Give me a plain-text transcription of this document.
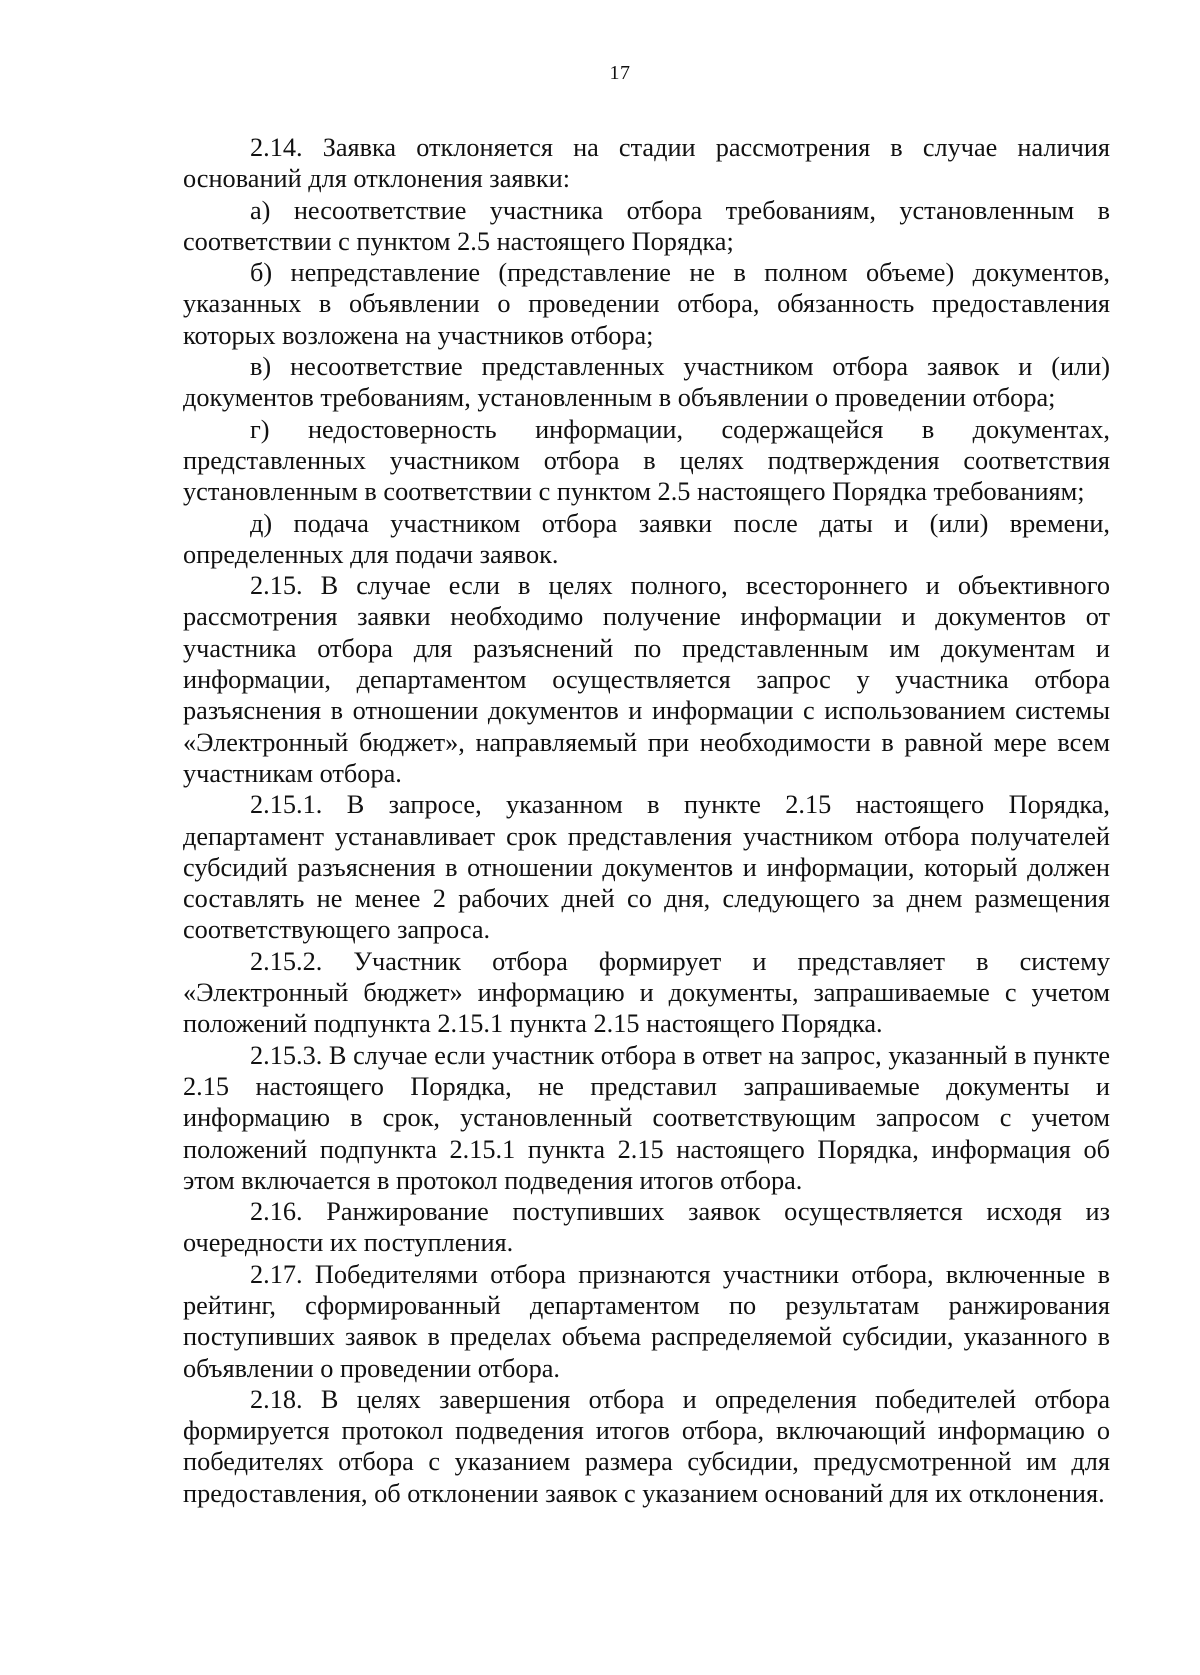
17

2.14. Заявка отклоняется на стадии рассмотрения в случае наличия оснований для отклонения заявки:

а) несоответствие участника отбора требованиям, установленным в соответствии с пунктом 2.5 настоящего Порядка;

б) непредставление (представление не в полном объеме) документов, указанных в объявлении о проведении отбора, обязанность предоставления которых возложена на участников отбора;

в) несоответствие представленных участником отбора заявок и (или) документов требованиям, установленным в объявлении о проведении отбора;

г) недостоверность информации, содержащейся в документах, представленных участником отбора в целях подтверждения соответствия установленным в соответствии с пунктом 2.5 настоящего Порядка требованиям;

д) подача участником отбора заявки после даты и (или) времени, определенных для подачи заявок.

2.15. В случае если в целях полного, всестороннего и объективного рассмотрения заявки необходимо получение информации и документов от участника отбора для разъяснений по представленным им документам и информации, департаментом осуществляется запрос у участника отбора разъяснения в отношении документов и информации с использованием системы «Электронный бюджет», направляемый при необходимости в равной мере всем участникам отбора.

2.15.1. В запросе, указанном в пункте 2.15 настоящего Порядка, департамент устанавливает срок представления участником отбора получателей субсидий разъяснения в отношении документов и информации, который должен составлять не менее 2 рабочих дней со дня, следующего за днем размещения соответствующего запроса.

2.15.2. Участник отбора формирует и представляет в систему «Электронный бюджет» информацию и документы, запрашиваемые с учетом положений подпункта 2.15.1 пункта 2.15 настоящего Порядка.

2.15.3. В случае если участник отбора в ответ на запрос, указанный в пункте 2.15 настоящего Порядка, не представил запрашиваемые документы и информацию в срок, установленный соответствующим запросом с учетом положений подпункта 2.15.1 пункта 2.15 настоящего Порядка, информация об этом включается в протокол подведения итогов отбора.

2.16. Ранжирование поступивших заявок осуществляется исходя из очередности их поступления.

2.17. Победителями отбора признаются участники отбора, включенные в рейтинг, сформированный департаментом по результатам ранжирования поступивших заявок в пределах объема распределяемой субсидии, указанного в объявлении о проведении отбора.

2.18. В целях завершения отбора и определения победителей отбора формируется протокол подведения итогов отбора, включающий информацию о победителях отбора с указанием размера субсидии, предусмотренной им для предоставления, об отклонении заявок с указанием оснований для их отклонения.
